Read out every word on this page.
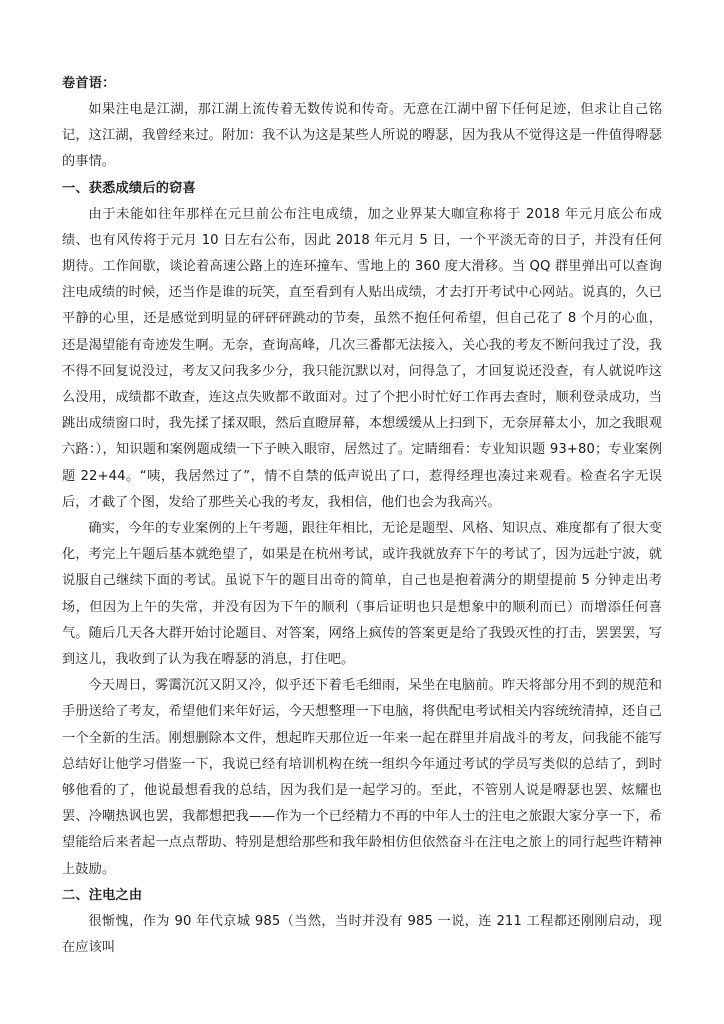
卷首语：

如果注电是江湖，那江湖上流传着无数传说和传奇。无意在江湖中留下任何足迹，但求让自己铭记，这江湖，我曾经来过。附加：我不认为这是某些人所说的嘚瑟，因为我从不觉得这是一件值得嘚瑟的事情。

一、获悉成绩后的窃喜

由于未能如往年那样在元旦前公布注电成绩，加之业界某大咖宣称将于 2018 年元月底公布成绩、也有风传将于元月 10 日左右公布，因此 2018 年元月 5 日，一个平淡无奇的日子，并没有任何期待。工作间歇，谈论着高速公路上的连环撞车、雪地上的 360 度大滑移。当 QQ 群里弹出可以查询注电成绩的时候，还当作是谁的玩笑，直至看到有人贴出成绩，才去打开考试中心网站。说真的，久已平静的心里，还是感觉到明显的砰砰砰跳动的节奏，虽然不抱任何希望，但自己花了 8 个月的心血，还是渴望能有奇迹发生啊。无奈，查询高峰，几次三番都无法接入，关心我的考友不断问我过了没，我不得不回复说没过，考友又问我多少分，我只能沉默以对，问得急了，才回复说还没查，有人就说咋这么没用，成绩都不敢查，连这点失败都不敢面对。过了个把小时忙好工作再去查时，顺利登录成功，当跳出成绩窗口时，我先揉了揉双眼，然后直瞪屏幕，本想缓缓从上扫到下，无奈屏幕太小，加之我眼观六路：），知识题和案例题成绩一下子映入眼帘，居然过了。定睛细看：专业知识题 93+80；专业案例题 22+44。“咦，我居然过了”，情不自禁的低声说出了口，惹得经理也凑过来观看。检查名字无误后，才截了个图，发给了那些关心我的考友，我相信，他们也会为我高兴。

确实，今年的专业案例的上午考题，跟往年相比，无论是题型、风格、知识点、难度都有了很大变化，考完上午题后基本就绝望了，如果是在杭州考试，或许我就放弃下午的考试了，因为远赴宁波，就说服自己继续下面的考试。虽说下午的题目出奇的简单，自己也是抱着满分的期望提前 5 分钟走出考场，但因为上午的失常，并没有因为下午的顺利（事后证明也只是想象中的顺利而已）而增添任何喜气。随后几天各大群开始讨论题目、对答案，网络上疯传的答案更是给了我毁灭性的打击，罢罢罢，写到这儿，我收到了认为我在嘚瑟的消息，打住吧。

今天周日，雾霭沉沉又阴又冷，似乎还下着毛毛细雨，呆坐在电脑前。昨天将部分用不到的规范和手册送给了考友，希望他们来年好运，今天想整理一下电脑，将供配电考试相关内容统统清掉，还自己一个全新的生活。刚想删除本文件，想起昨天那位近一年来一起在群里并肩战斗的考友，问我能不能写总结好让他学习借鉴一下，我说已经有培训机构在统一组织今年通过考试的学员写类似的总结了，到时够他看的了，他说最想看我的总结，因为我们是一起学习的。至此，不管别人说是嘚瑟也罢、炫耀也罢、冷嘲热讽也罢，我都想把我——作为一个已经精力不再的中年人士的注电之旅跟大家分享一下，希望能给后来者起一点点帮助、特别是想给那些和我年龄相仿但依然奋斗在注电之旅上的同行起些许精神上鼓励。

二、注电之由

很惭愧，作为 90 年代京城 985（当然，当时并没有 985 一说，连 211 工程都还刚刚启动，现在应该叫
